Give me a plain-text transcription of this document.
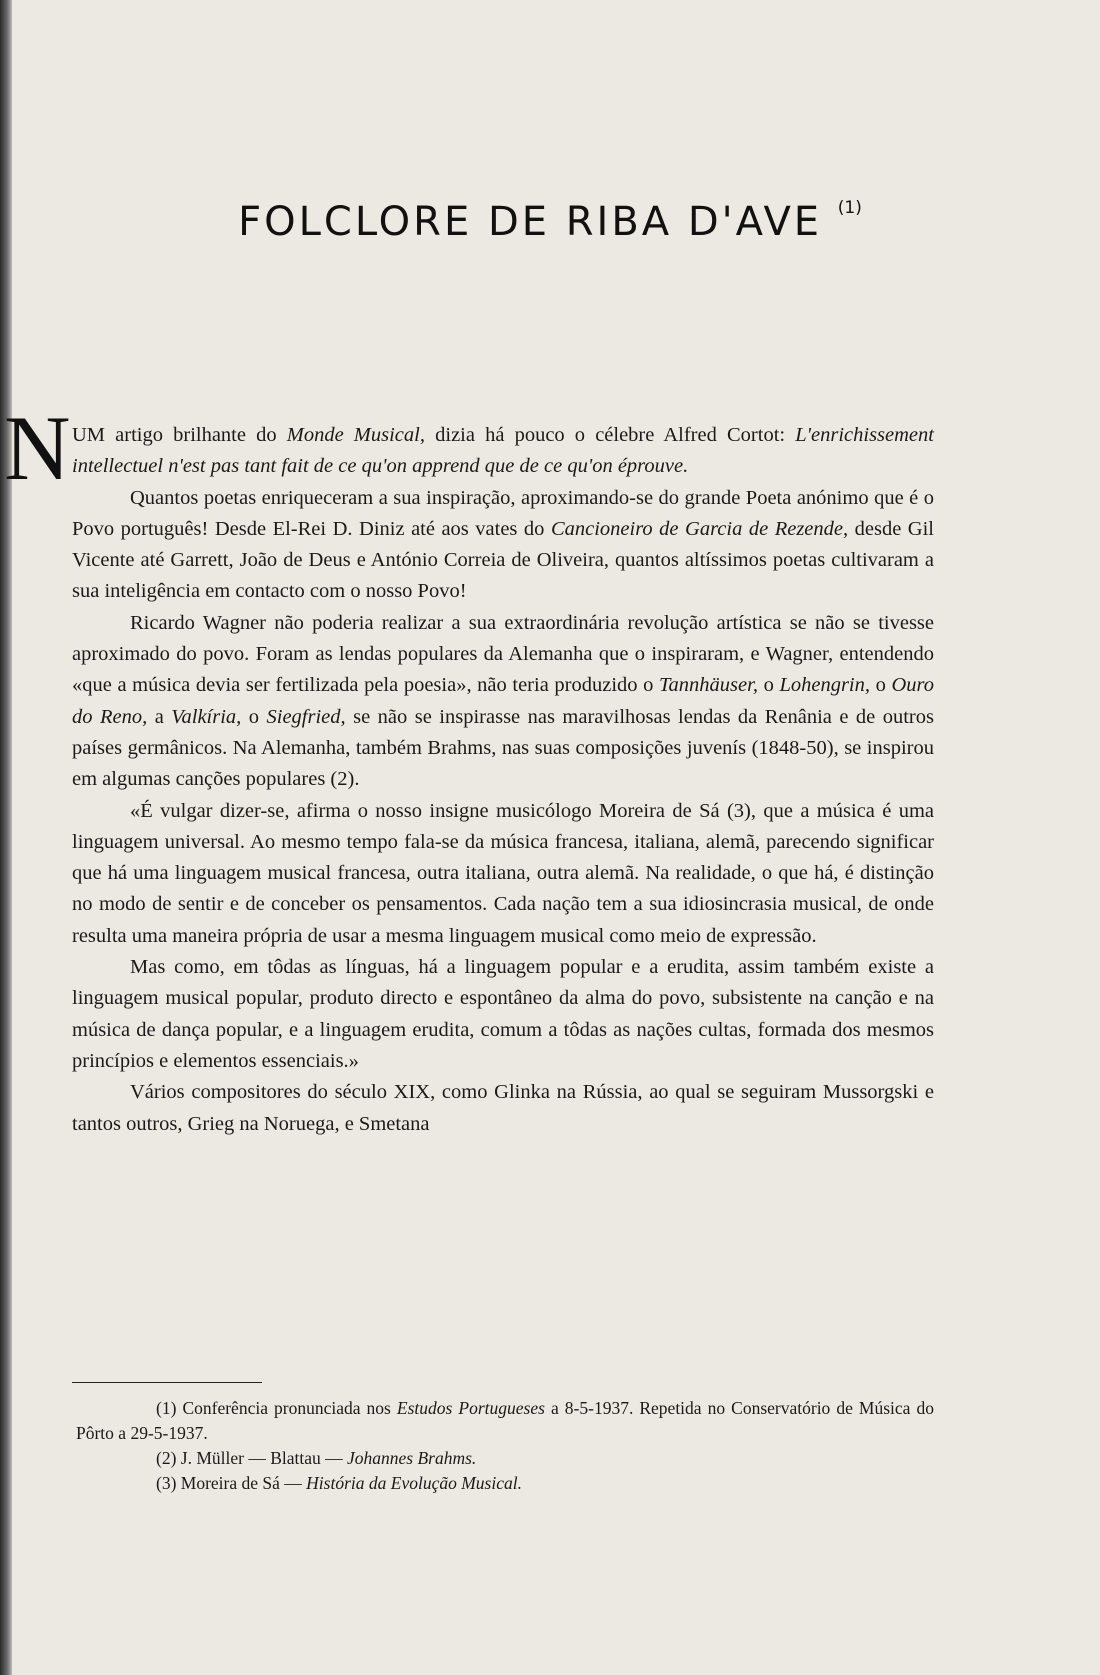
FOLCLORE DE RIBA D'AVE $^{(1)}$
N UM artigo brilhante do Monde Musical, dizia há pouco o célebre Alfred Cortot: L'enrichissement intellectuel n'est pas tant fait de ce qu'on apprend que de ce qu'on éprouve.

Quantos poetas enriqueceram a sua inspiração, aproximando-se do grande Poeta anónimo que é o Povo português! Desde El-Rei D. Diniz até aos vates do Cancioneiro de Garcia de Rezende, desde Gil Vicente até Garrett, João de Deus e António Correia de Oliveira, quantos altíssimos poetas cultivaram a sua inteligência em contacto com o nosso Povo!

Ricardo Wagner não poderia realizar a sua extraordinária revolução artística se não se tivesse aproximado do povo. Foram as lendas populares da Alemanha que o inspiraram, e Wagner, entendendo «que a música devia ser fertilizada pela poesia», não teria produzido o Tannhäuser, o Lohengrin, o Ouro do Reno, a Valkíria, o Siegfried, se não se inspirasse nas maravilhosas lendas da Renânia e de outros países germânicos. Na Alemanha, também Brahms, nas suas composições juvenís (1848-50), se inspirou em algumas canções populares (2).

«É vulgar dizer-se, afirma o nosso insigne musicólogo Moreira de Sá (3), que a música é uma linguagem universal. Ao mesmo tempo fala-se da música francesa, italiana, alemã, parecendo significar que há uma linguagem musical francesa, outra italiana, outra alemã. Na realidade, o que há, é distinção no modo de sentir e de conceber os pensamentos. Cada nação tem a sua idiosincrasia musical, de onde resulta uma maneira própria de usar a mesma linguagem musical como meio de expressão.

Mas como, em tôdas as línguas, há a linguagem popular e a erudita, assim também existe a linguagem musical popular, produto directo e espontâneo da alma do povo, subsistente na canção e na música de dança popular, e a linguagem erudita, comum a tôdas as nações cultas, formada dos mesmos princípios e elementos essenciais.»

Vários compositores do século XIX, como Glinka na Rússia, ao qual se seguiram Mussorgski e tantos outros, Grieg na Noruega, e Smetana

(1) Conferência pronunciada nos Estudos Portugueses a 8-5-1937. Repetida no Conservatório de Música do Pôrto a 29-5-1937.

(2) J. Müller — Blattau — Johannes Brahms.

(3) Moreira de Sá — História da Evolução Musical.
